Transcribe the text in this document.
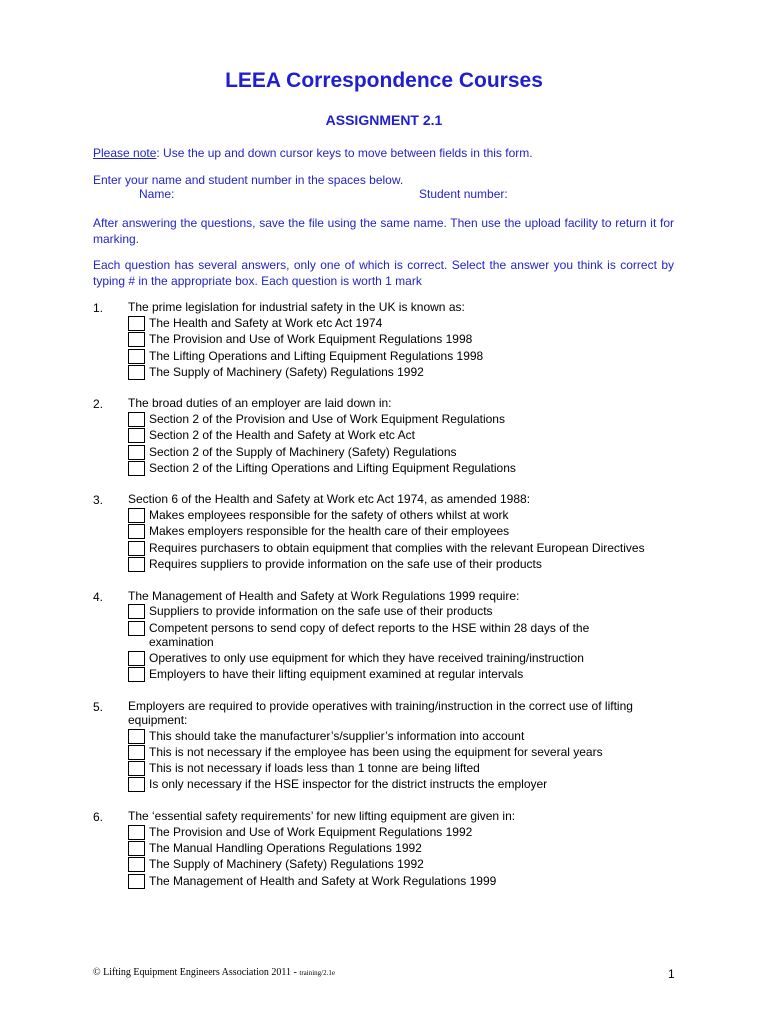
LEEA Correspondence Courses
ASSIGNMENT 2.1
Please note: Use the up and down cursor keys to move between fields in this form.
Enter your name and student number in the spaces below.
Name:	Student number:
After answering the questions, save the file using the same name. Then use the upload facility to return it for marking.
Each question has several answers, only one of which is correct. Select the answer you think is correct by typing # in the appropriate box. Each question is worth 1 mark
1. The prime legislation for industrial safety in the UK is known as:
The Health and Safety at Work etc Act 1974
The Provision and Use of Work Equipment Regulations 1998
The Lifting Operations and Lifting Equipment Regulations 1998
The Supply of Machinery (Safety) Regulations 1992
2. The broad duties of an employer are laid down in:
Section 2 of the Provision and Use of Work Equipment Regulations
Section 2 of the Health and Safety at Work etc Act
Section 2 of the Supply of Machinery (Safety) Regulations
Section 2 of the Lifting Operations and Lifting Equipment Regulations
3. Section 6 of the Health and Safety at Work etc Act 1974, as amended 1988:
Makes employees responsible for the safety of others whilst at work
Makes employers responsible for the health care of their employees
Requires purchasers to obtain equipment that complies with the relevant European Directives
Requires suppliers to provide information on the safe use of their products
4. The Management of Health and Safety at Work Regulations 1999 require:
Suppliers to provide information on the safe use of their products
Competent persons to send copy of defect reports to the HSE within 28 days of the examination
Operatives to only use equipment for which they have received training/instruction
Employers to have their lifting equipment examined at regular intervals
5. Employers are required to provide operatives with training/instruction in the correct use of lifting equipment:
This should take the manufacturer’s/supplier’s information into account
This is not necessary if the employee has been using the equipment for several years
This is not necessary if loads less than 1 tonne are being lifted
Is only necessary if the HSE inspector for the district instructs the employer
6. The ‘essential safety requirements’ for new lifting equipment are given in:
The Provision and Use of Work Equipment Regulations 1992
The Manual Handling Operations Regulations 1992
The Supply of Machinery (Safety) Regulations 1992
The Management of Health and Safety at Work Regulations 1999
© Lifting Equipment Engineers Association 2011 - training/2.1e	1
